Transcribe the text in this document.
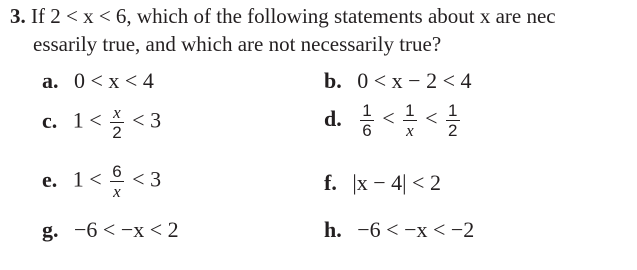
3. If 2 < x < 6, which of the following statements about x are nec
essarily true, and which are not necessarily true?
a. 0 < x < 4	b. 0 < x − 2 < 4
c. $1 < \frac{x}{2} < 3$	d. $\frac{1}{6} < \frac{1}{x} < \frac{1}{2}$
e. $1 < \frac{6}{x} < 3$	f. |x − 4| < 2
g. −6 < −x < 2	h. −6 < −x < −2
